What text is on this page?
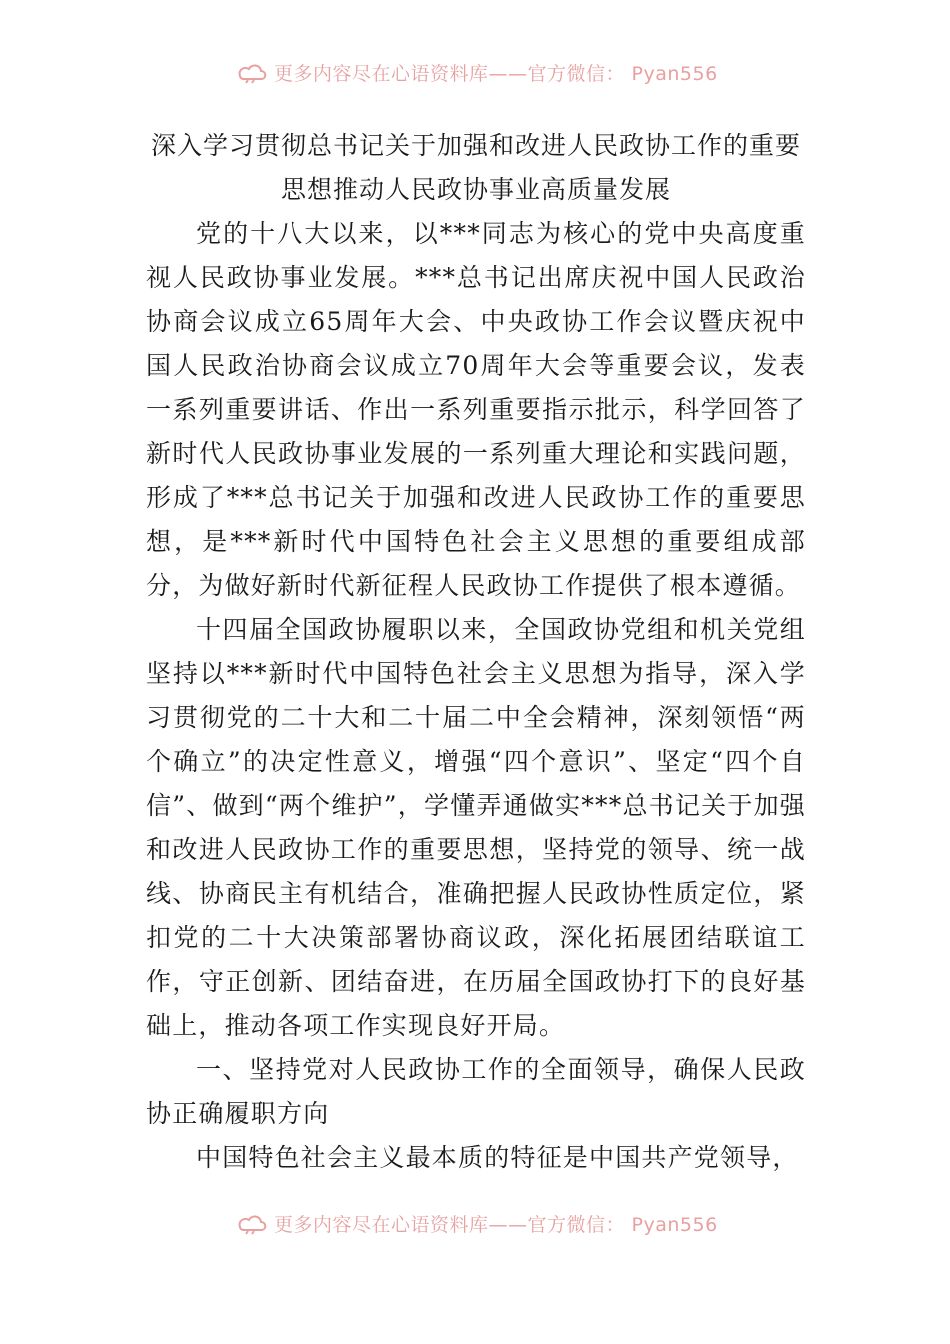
更多内容尽在心语资料库——官方微信： Pyan556
深入学习贯彻总书记关于加强和改进人民政协工作的重要
思想推动人民政协事业高质量发展

党的十八大以来，以***同志为核心的党中央高度重视人民政协事业发展。***总书记出席庆祝中国人民政治协商会议成立65周年大会、中央政协工作会议暨庆祝中国人民政治协商会议成立70周年大会等重要会议，发表一系列重要讲话、作出一系列重要指示批示，科学回答了新时代人民政协事业发展的一系列重大理论和实践问题，形成了***总书记关于加强和改进人民政协工作的重要思想，是***新时代中国特色社会主义思想的重要组成部分，为做好新时代新征程人民政协工作提供了根本遵循。

十四届全国政协履职以来，全国政协党组和机关党组坚持以***新时代中国特色社会主义思想为指导，深入学习贯彻党的二十大和二十届二中全会精神，深刻领悟“两个确立”的决定性意义，增强“四个意识”、坚定“四个自信”、做到“两个维护”，学懂弄通做实***总书记关于加强和改进人民政协工作的重要思想，坚持党的领导、统一战线、协商民主有机结合，准确把握人民政协性质定位，紧扣党的二十大决策部署协商议政，深化拓展团结联谊工作，守正创新、团结奋进，在历届全国政协打下的良好基础上，推动各项工作实现良好开局。

一、坚持党对人民政协工作的全面领导，确保人民政协正确履职方向

中国特色社会主义最本质的特征是中国共产党领导，

更多内容尽在心语资料库——官方微信： Pyan556
